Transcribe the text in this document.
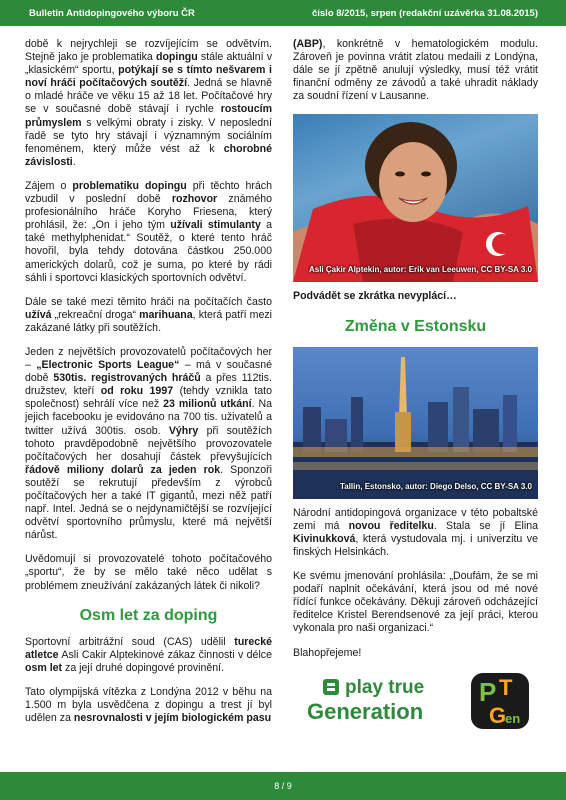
Bulletin Antidopingového výboru ČR	číslo 8/2015, srpen (redakční uzávěrka 31.08.2015)

době k nejrychleji se rozvíjejícím se odvětvím. Stejně jako je problematika dopingu stále aktuální v „klasickém“ sportu, potýkají se s tímto nešvarem i noví hráči počítačových soutěží. Jedná se hlavně o mladé hráče ve věku 15 až 18 let. Počítačové hry se v současné době stávají i rychle rostoucím průmyslem s velkými obraty i zisky. V neposlední řadě se tyto hry stávají i významným sociálním fenoménem, který může vést až k chorobné závislosti.

Zájem o problematiku dopingu při těchto hrách vzbudil v poslední době rozhovor známého profesionálního hráče Koryho Friesena, který prohlásil, že: „On i jeho tým užívali stimulanty a také methylphenidat.“ Soutěž, o které tento hráč hovořil, byla tehdy dotována částkou 250.000 amerických dolarů, což je suma, po které by rádi sáhli i sportovci klasických sportovních odvětví.

Dále se také mezi těmito hráči na počítačích často užívá „rekreační droga“ marihuana, která patří mezi zakázané látky při soutěžích.

Jeden z největších provozovatelů počítačových her – „Electronic Sports League“ – má v současné době 530tis. registrovaných hráčů a přes 112tis. družstev, kteří od roku 1997 (tehdy vznikla tato společnost) sehrálí více než 23 milionů utkání. Na jejich facebooku je evidováno na 700 tis. uživatelů a twitter užívá 300tis. osob. Výhry při soutěžích tohoto pravděpodobně největšího provozovatele počítačových her dosahují částek převyšujících řádově miliony dolarů za jeden rok. Sponzoři soutěží se rekrutují především z výrobců počítačových her a také IT gigantů, mezi něž patří např. Intel. Jedná se o nejdynamičtější se rozvíjející odvětví sportovního průmyslu, které má největší nárůst.

Uvědomují si provozovatelé tohoto počítačového „sportu“, že by se mělo také něco udělat s problémem zneužívání zakázaných látek či nikoli?

Osm let za doping

Sportovní arbitrážní soud (CAS) udělil turecké atletce Asli Cakir Alptekinové zákaz činnosti v délce osm let za její druhé dopingové provinění.

Tato olympijská vítězka z Londýna 2012 v běhu na 1.500 m byla usvědčena z dopingu a trest jí byl udělen za nesrovnalosti v jejím biologickém pasu

(ABP), konkrétně v hematologickém modulu. Zároveň je povinna vrátit zlatou medaili z Londýna, dále se jí zpětně anulují výsledky, musí též vrátit finanční odměny ze závodů a také uhradit náklady za soudní řízení v Lausanne.

Asli Çakir Alptekin, autor: Erik van Leeuwen, CC BY-SA 3.0

Podvádět se zkrátka nevyplácí…

Změna v Estonsku
Tallin, Estonsko, autor: Diego Delso, CC BY-SA 3.0

Národní antidopingová organizace v této pobaltské zemi má novou ředitelku. Stala se jí Elina Kivinukková, která vystudovala mj. i univerzitu ve finských Helsinkách.

Ke svému jmenování prohlásila: „Doufám, že se mi podaří naplnit očekávání, která jsou od mé nové řídící funkce očekávány. Děkuji zároveň odcházející ředitelce Kristel Berendsenové za její práci, kterou vykonala pro naši organizaci.“

Blahopřejeme!

play true
Generation
P T
G
en
8 / 9
